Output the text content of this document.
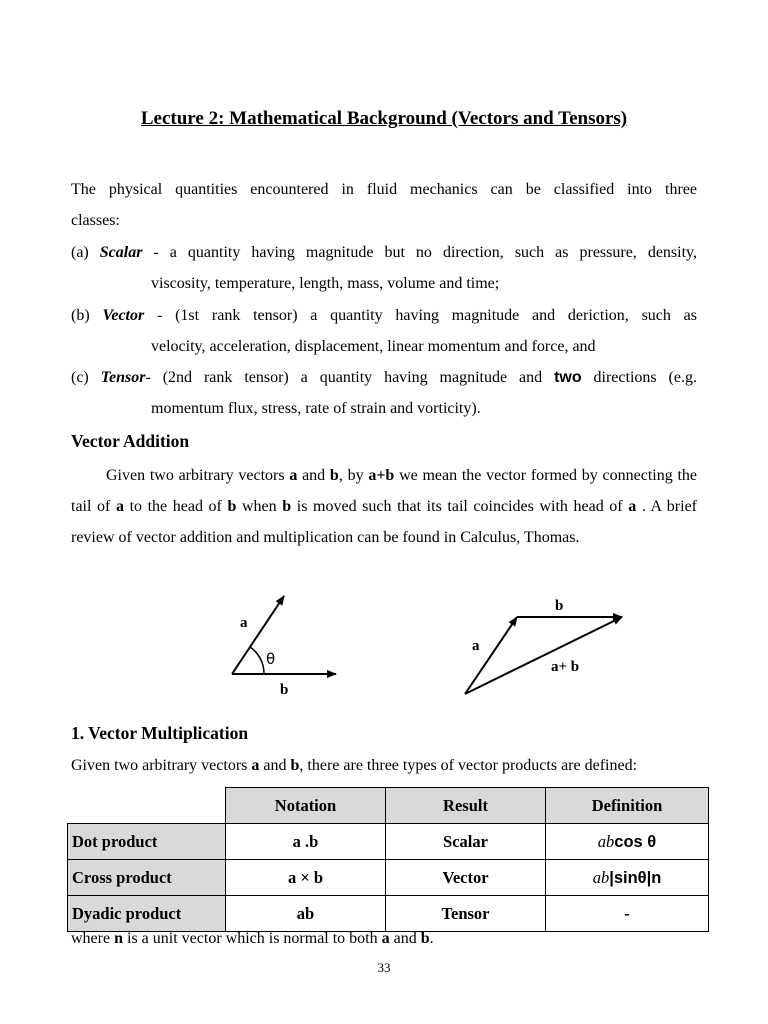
Lecture 2: Mathematical Background (Vectors and Tensors)
The physical quantities encountered in fluid mechanics can be classified into three
classes:
(a) Scalar - a quantity having magnitude but no direction, such as pressure, density,
viscosity, temperature, length, mass, volume and time;
(b) Vector - (1st rank tensor) a quantity having magnitude and deriction, such as
velocity, acceleration, displacement, linear momentum and force, and
(c) Tensor- (2nd rank tensor) a quantity having magnitude and two directions (e.g.
momentum flux, stress, rate of strain and vorticity).
Vector Addition
Given two arbitrary vectors a and b, by a+b we mean the vector formed by connecting the tail of a to the head of b when b is moved such that its tail coincides with head of a . A brief review of vector addition and multiplication can be found in Calculus, Thomas.
a
θ
b
a
b
a+ b
1. Vector Multiplication
Given two arbitrary vectors a and b, there are three types of vector products are defined:
	Notation	Result	Definition
Dot product	a .b	Scalar	abcos θ
Cross product	a × b	Vector	ab|sinθ|n
Dyadic product	ab	Tensor	-
where n is a unit vector which is normal to both a and b.
33
